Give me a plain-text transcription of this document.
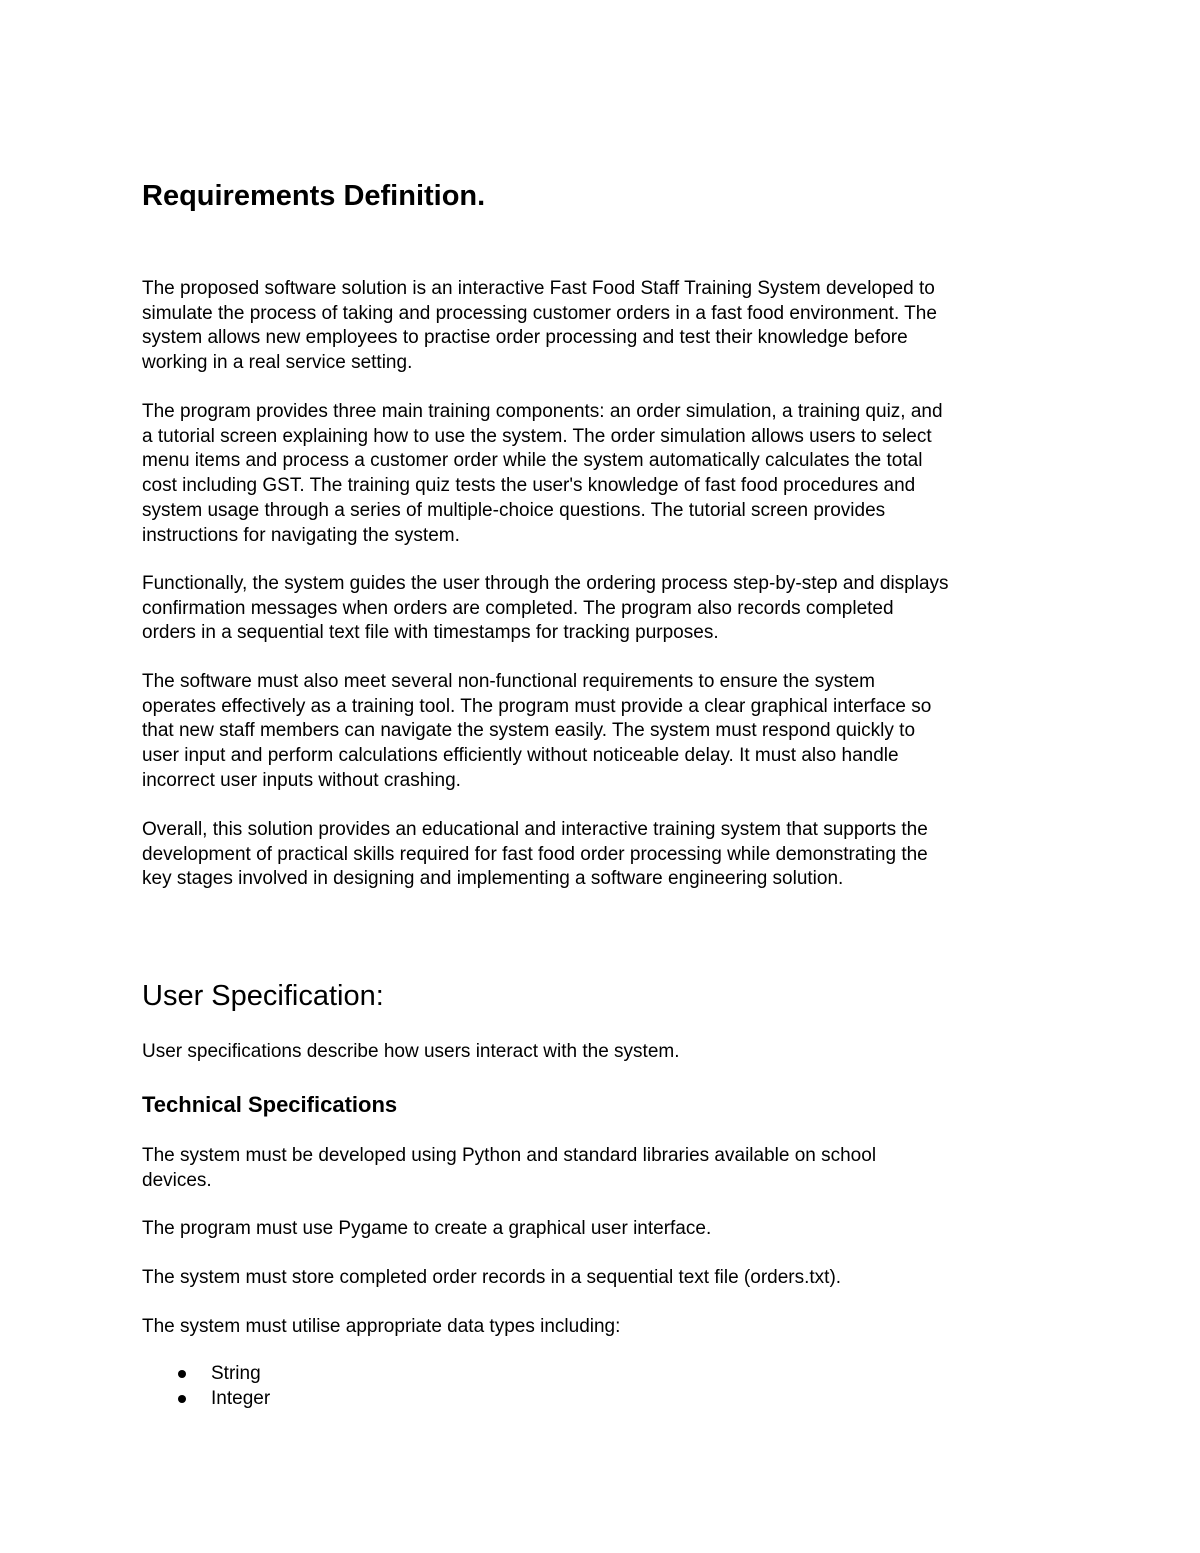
Requirements Definition.

The proposed software solution is an interactive Fast Food Staff Training System developed to
simulate the process of taking and processing customer orders in a fast food environment. The
system allows new employees to practise order processing and test their knowledge before
working in a real service setting.

The program provides three main training components: an order simulation, a training quiz, and
a tutorial screen explaining how to use the system. The order simulation allows users to select
menu items and process a customer order while the system automatically calculates the total
cost including GST. The training quiz tests the user's knowledge of fast food procedures and
system usage through a series of multiple-choice questions. The tutorial screen provides
instructions for navigating the system.

Functionally, the system guides the user through the ordering process step-by-step and displays
confirmation messages when orders are completed. The program also records completed
orders in a sequential text file with timestamps for tracking purposes.

The software must also meet several non-functional requirements to ensure the system
operates effectively as a training tool. The program must provide a clear graphical interface so
that new staff members can navigate the system easily. The system must respond quickly to
user input and perform calculations efficiently without noticeable delay. It must also handle
incorrect user inputs without crashing.

Overall, this solution provides an educational and interactive training system that supports the
development of practical skills required for fast food order processing while demonstrating the
key stages involved in designing and implementing a software engineering solution.

User Specification:

User specifications describe how users interact with the system.

Technical Specifications

The system must be developed using Python and standard libraries available on school
devices.

The program must use Pygame to create a graphical user interface.

The system must store completed order records in a sequential text file (orders.txt).

The system must utilise appropriate data types including:

String
Integer
